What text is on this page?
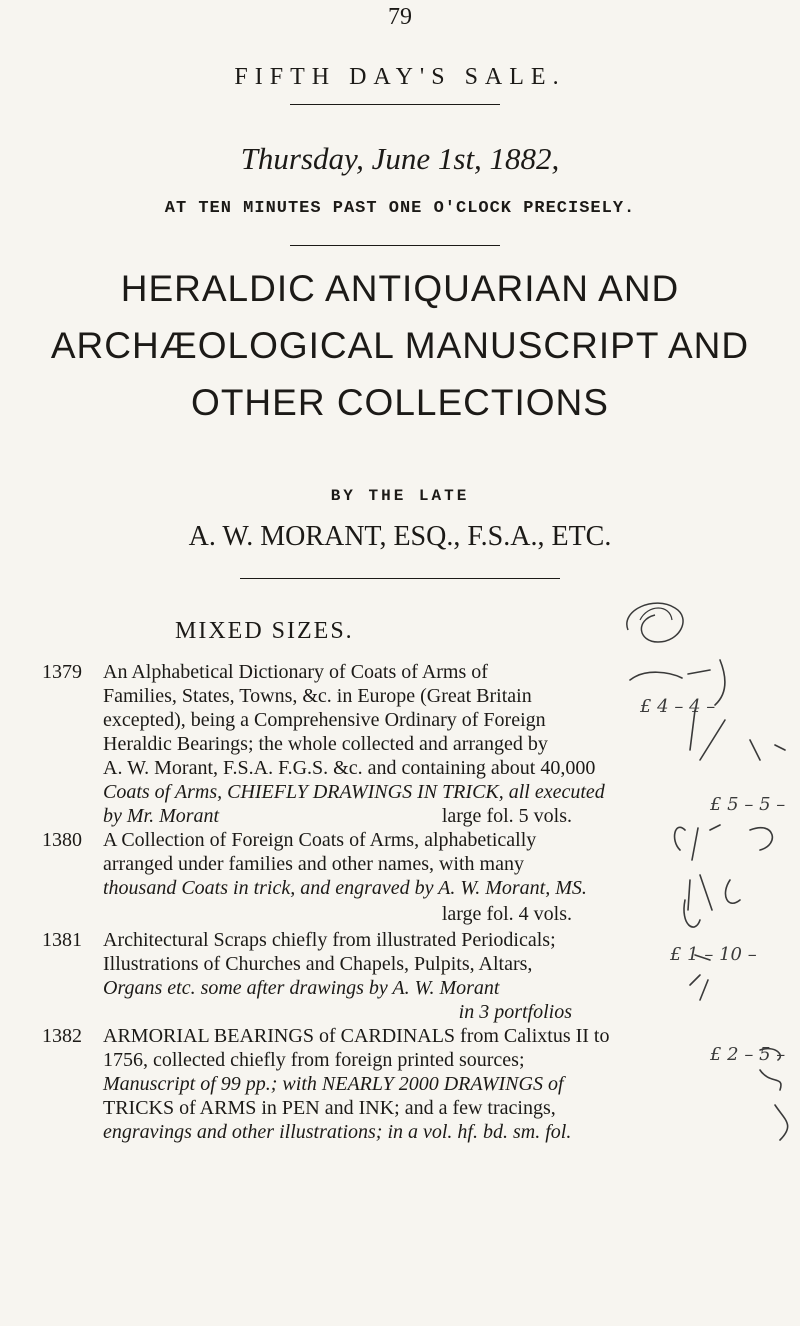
79
FIFTH DAY'S SALE.
Thursday, June 1st, 1882,
AT TEN MINUTES PAST ONE O'CLOCK PRECISELY.
HERALDIC ANTIQUARIAN AND
ARCHÆOLOGICAL MANUSCRIPT AND
OTHER COLLECTIONS
BY THE LATE
A. W. MORANT, ESQ., F.S.A., ETC.
MIXED SIZES.
1379	An Alphabetical Dictionary of Coats of Arms of
Families, States, Towns, &c. in Europe (Great Britain
excepted), being a Comprehensive Ordinary of Foreign
Heraldic Bearings; the whole collected and arranged by
A. W. Morant, F.S.A. F.G.S. &c. and containing about 40,000
Coats of Arms, CHIEFLY DRAWINGS IN TRICK, all executed
by Mr. Morant	large fol. 5 vols.
1380	A Collection of Foreign Coats of Arms, alphabetically
arranged under families and other names, with many
thousand Coats in trick, and engraved by A. W. Morant, MS.
large fol. 4 vols.
1381	Architectural Scraps chiefly from illustrated Periodicals;
Illustrations of Churches and Chapels, Pulpits, Altars,
Organs etc. some after drawings by A. W. Morant
in 3 portfolios
1382	ARMORIAL BEARINGS of CARDINALS from Calixtus II to
1756, collected chiefly from foreign printed sources;
Manuscript of 99 pp.; with NEARLY 2000 DRAWINGS of
TRICKS of ARMS in PEN and INK; and a few tracings,
engravings and other illustrations; in a vol. hf. bd. sm. fol.
£ 4 – 4 –
£ 5 – 5 –
£ 1 – 10 –
£ 2 – 5 –
